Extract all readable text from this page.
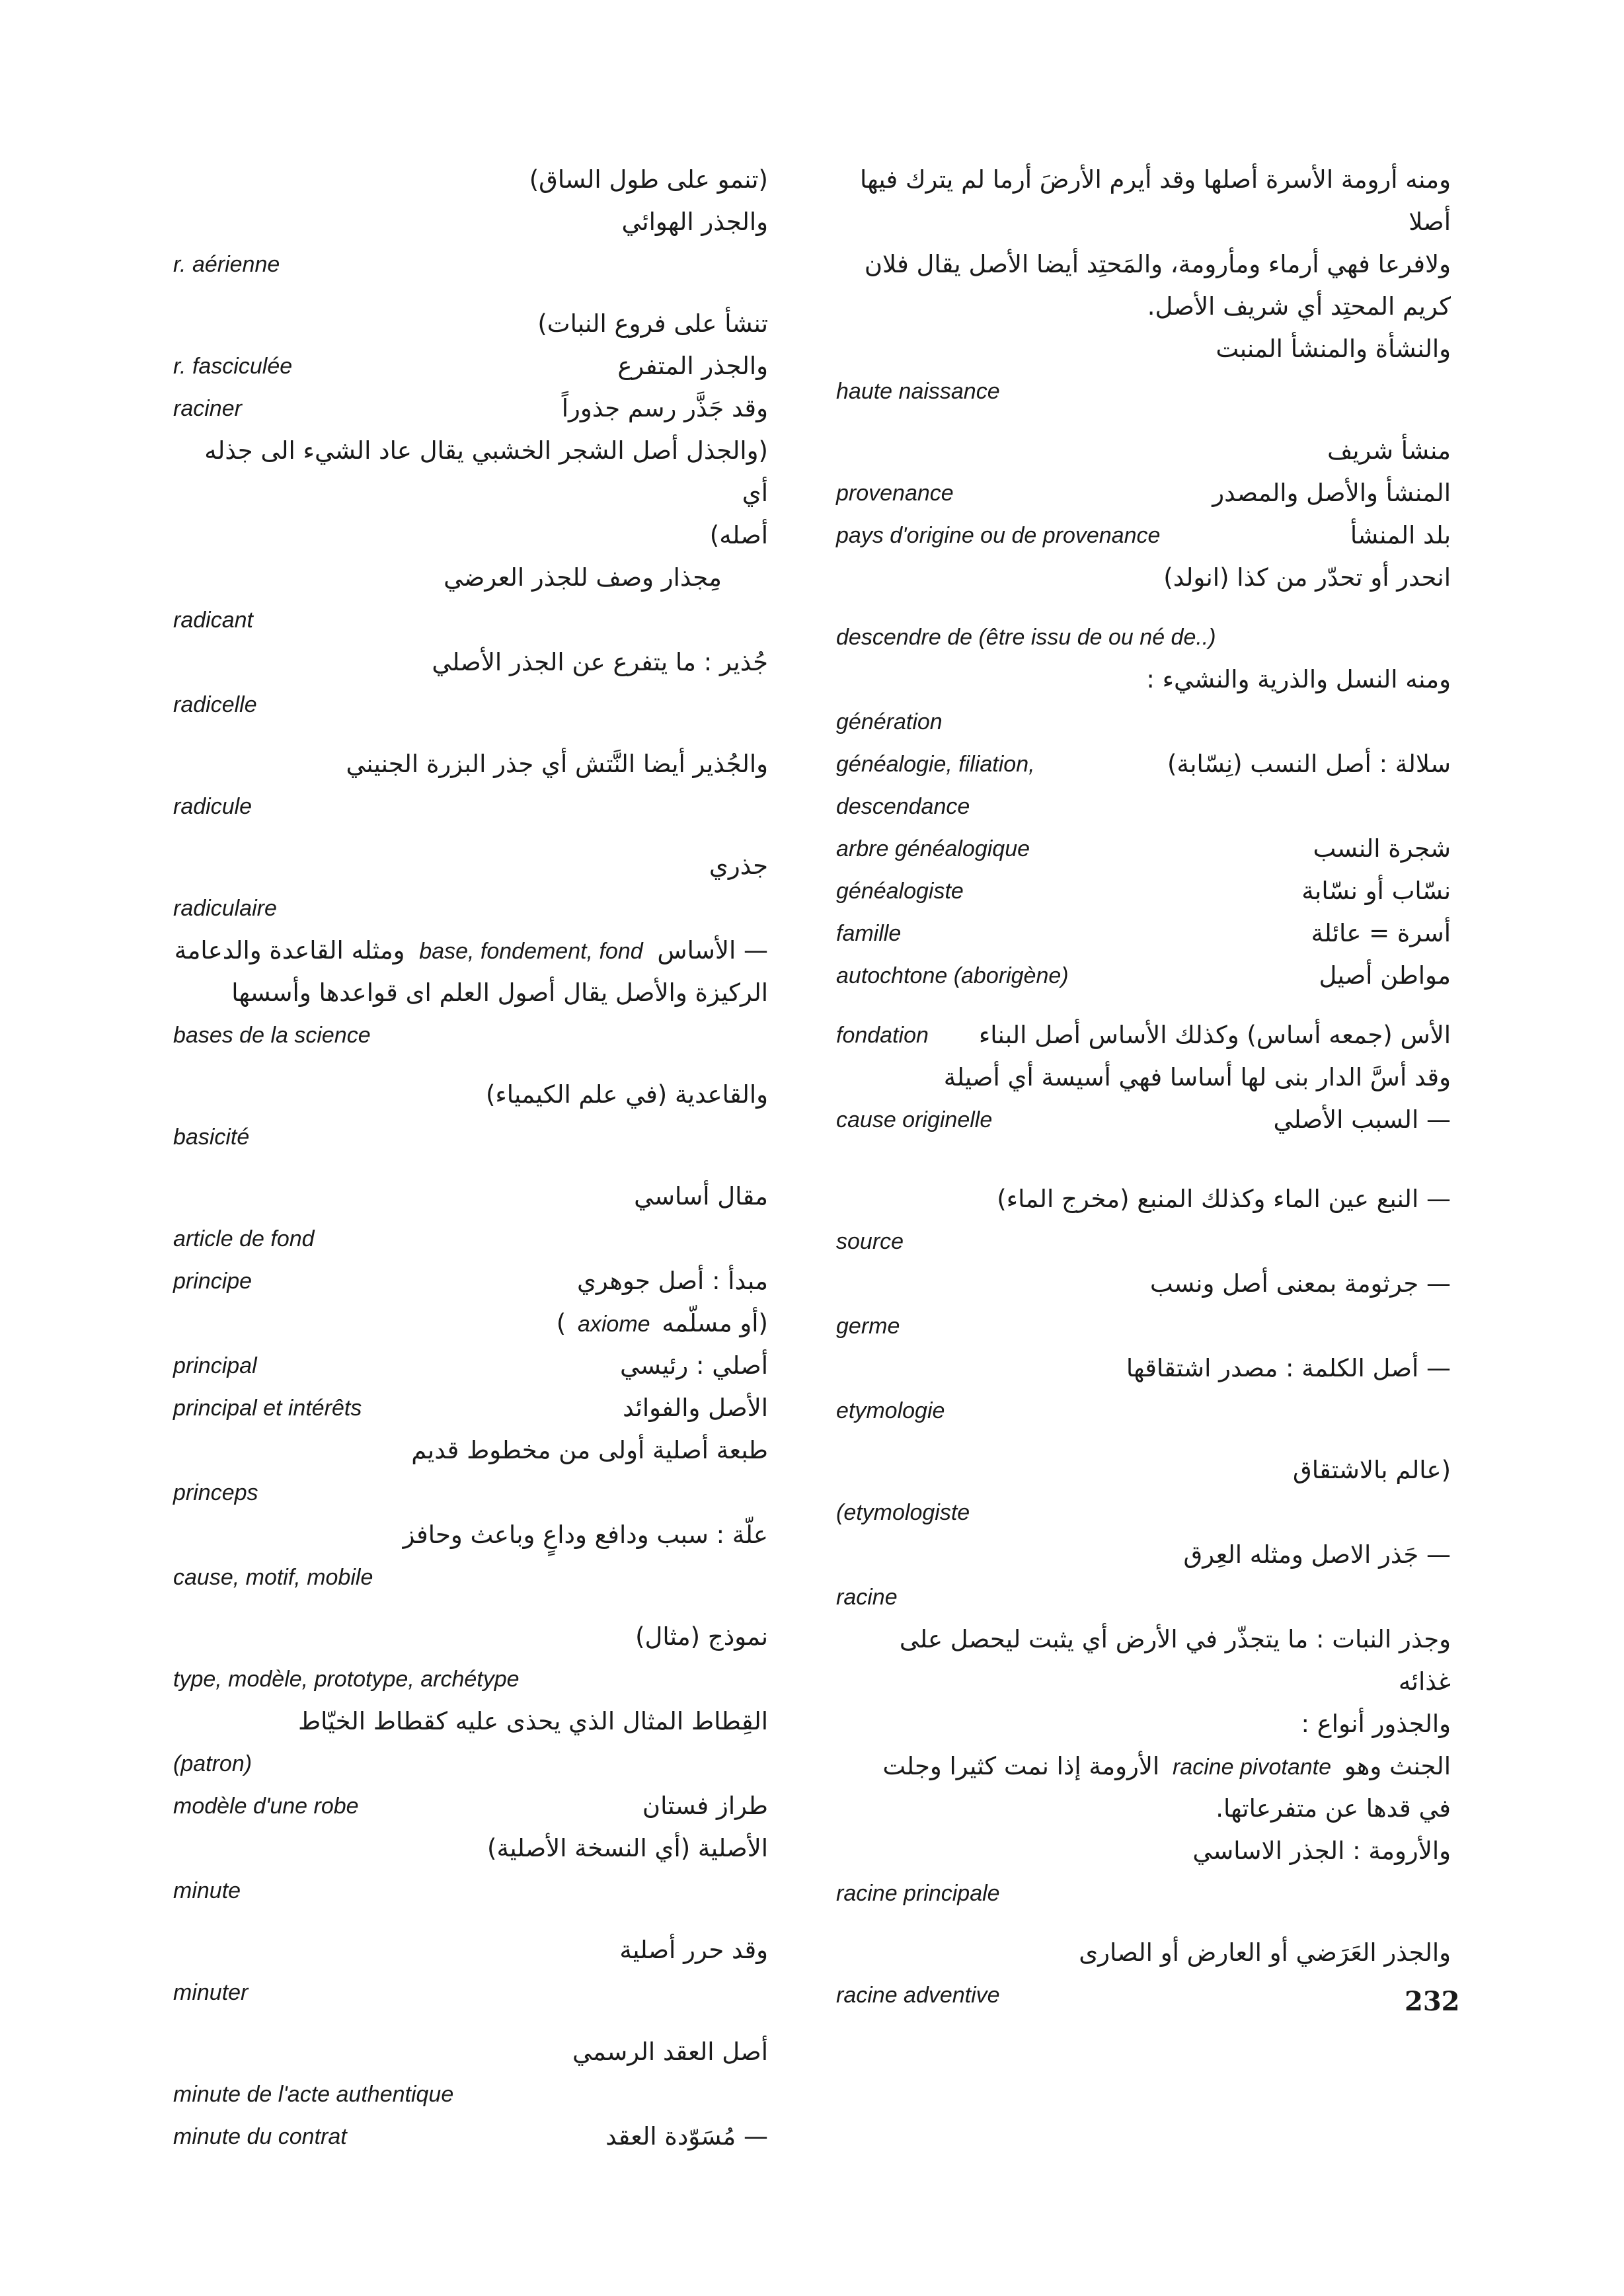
(تنمو على طول الساق)

والجذر الهوائي

r. aérienne

تنشأ على فروع النبات)

r. fasciculée	والجذر المتفرع
raciner	وقد جَذَّر رسم جذوراً

(والجذل أصل الشجر الخشبي يقال عاد الشيء الى جذله أي

أصله)

مِجذار وصف للجذر العرضي

radicant

جُذير : ما يتفرع عن الجذر الأصلي

radicelle

والجُذير أيضا النَّتش أي جذر البزرة الجنيني

radicule

جذري

radiculaire

— الأساس base, fondement, fond ومثله القاعدة والدعامة

الركيزة والأصل يقال أصول العلم اى قواعدها وأسسها

bases de la science

والقاعدية (في علم الكيمياء)

basicité

مقال أساسي

article de fond

principe	مبدأ : أصل جوهري
(أو مسلّمه axiome )
principal	أصلي : رئيسي
principal et intérêts	الأصل والفوائد

طبعة أصلية أولى من مخطوط قديم

princeps

علّة : سبب ودافع وداعٍ وباعث وحافز

cause, motif, mobile

نموذج (مثال)

type, modèle, prototype, archétype

القِطاط المثال الذي يحذى عليه كقطاط الخيّاط

(patron)

modèle d'une robe	طراز فستان

الأصلية (أي النسخة الأصلية)

minute

وقد حرر أصلية

minuter

أصل العقد الرسمي

minute de l'acte authentique

minute du contrat	— مُسَوّدة العقد

ومنه أرومة الأسرة أصلها وقد أيرم الأرضَ أرما لم يترك فيها أصلا

ولافرعا فهي أرماء ومأرومة، والمَحتِد أيضا الأصل يقال فلان

كريم المحتِد أي شريف الأصل.

والنشأة والمنشأ المنبت

haute naissance

منشأ شريف

provenance	المنشأ والأصل والمصدر
pays d'origine ou de provenance	بلد المنشأ

انحدر أو تحدّر من كذا (انولد)

descendre de (être issu de ou né de..)

ومنه النسل والذرية والنشيء :

génération

généalogie, filiation,	سلالة : أصل النسب (نِسّابة)

descendance

arbre généalogique	شجرة النسب
généalogiste	نسّاب أو نسّابة
famille	أسرة = عائلة
autochtone (aborigène)	مواطن أصيل
fondation الأس (جمعه أساس) وكذلك الأساس أصل البناء

وقد أسَّ الدار بنى لها أساسا فهي أسيسة أي أصيلة

cause originelle	— السبب الأصلي

— النبع عين الماء وكذلك المنبع (مخرج الماء)

source

— جرثومة بمعنى أصل ونسب

germe

— أصل الكلمة : مصدر اشتقاقها

etymologie

(عالم بالاشتقاق

(etymologiste

— جَذر الاصل ومثله العِرق

racine

وجذر النبات : ما يتجذّر في الأرض أي يثبت ليحصل على

غذائه

والجذور أنواع :

الجنث وهو racine pivotante الأرومة إذا نمت كثيرا وجلت

في قدها عن متفرعاتها.

والأرومة : الجذر الاساسي

racine principale

والجذر العَرَضي أو العارض أو الصارى

racine adventive	232
